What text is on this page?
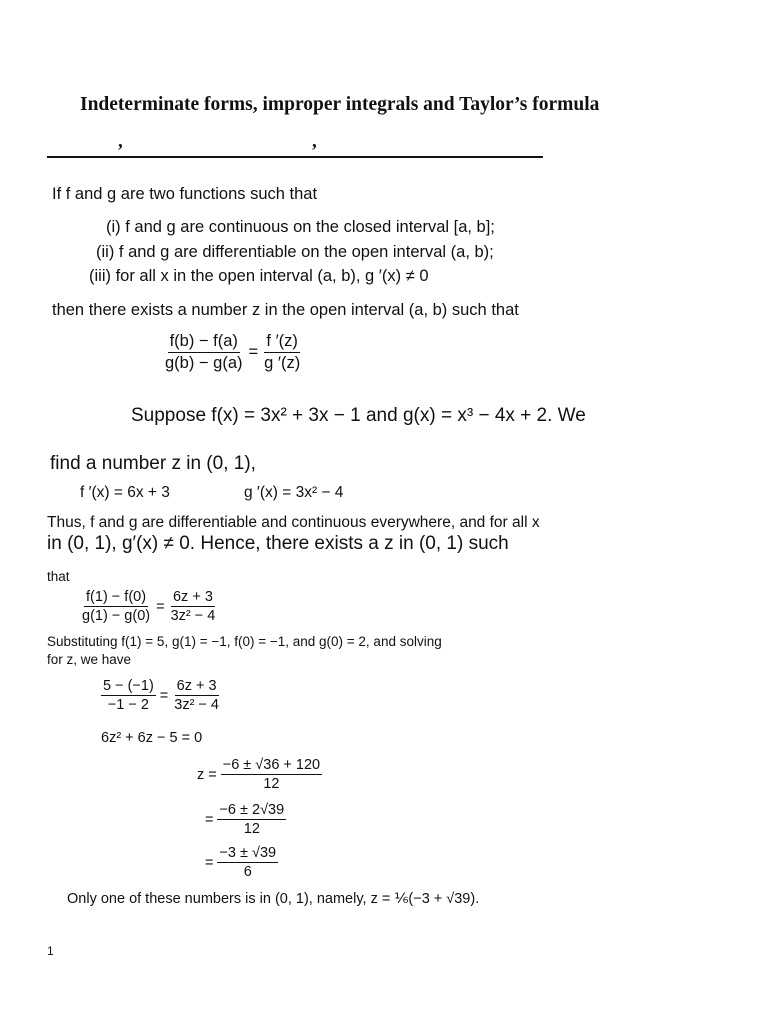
Indeterminate forms, improper integrals and Taylor’s formula
,	,
If f and g are two functions such that
(i) f and g are continuous on the closed interval [a, b];
(ii) f and g are differentiable on the open interval (a, b);
(iii) for all x in the open interval (a, b), g ′(x) ≠ 0
then there exists a number z in the open interval (a, b) such that
$\frac{f(b) - f(a)}{g(b) - g(a)} = \frac{f '(z)}{g '(z)}$
Suppose f(x) = 3x² + 3x − 1 and g(x) = x³ − 4x + 2. We
find a number z in (0, 1),
f ′(x) = 6x + 3	g ′(x) = 3x² − 4
Thus, f and g are differentiable and continuous everywhere, and for all x
in (0, 1), g′(x) ≠ 0. Hence, there exists a z in (0, 1) such
that
$\frac{f(1) - f(0)}{g(1) - g(0)} = \frac{6z + 3}{\text{3z² − 4}}$
Substituting f(1) = 5, g(1) = −1, f(0) = −1, and g(0) = 2, and solving
for z, we have
$\frac{5 - (-1)}{-1 - 2} = \frac{6z + 3}{\text{3z² − 4}}$
6z² + 6z − 5 = 0
$z = \frac{-6 \pm √36 + 120}{12}$
= $\frac{-6 \pm 2√39}{12}$
= $\frac{-3 \pm √39}{6}$
Only one of these numbers is in (0, 1), namely, z = ⅙(−3 + √39).
1
